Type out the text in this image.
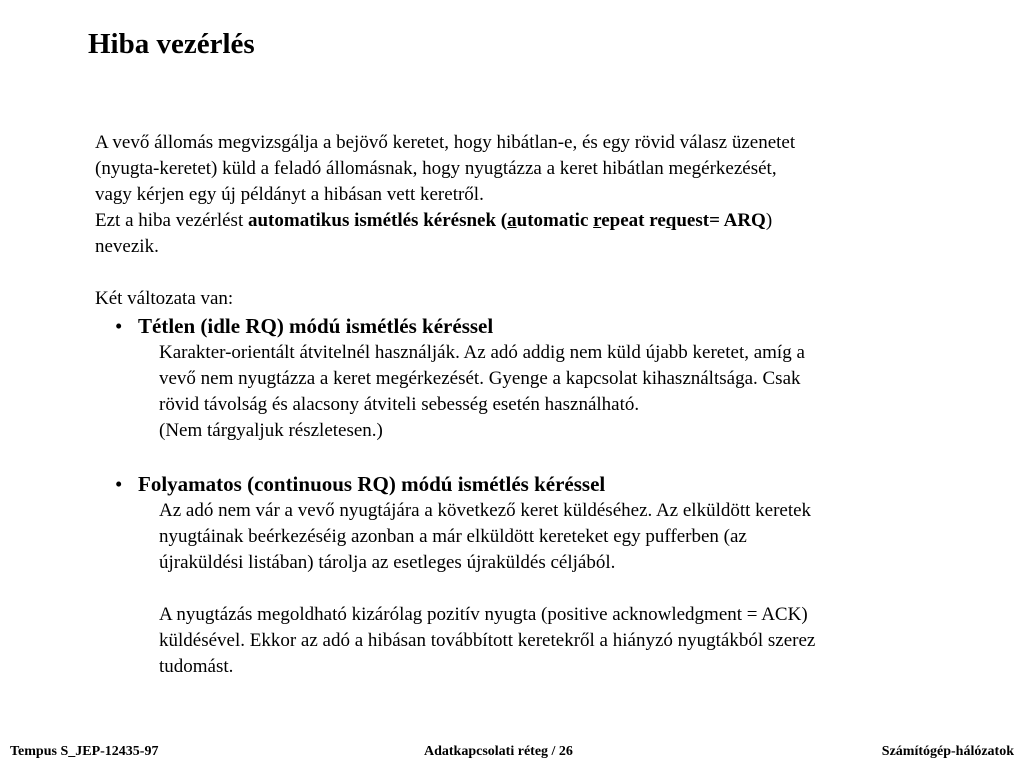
Hiba vezérlés

A vevő állomás megvizsgálja a bejövő keretet, hogy hibátlan-e, és egy rövid válasz üzenetet

(nyugta-keretet) küld a feladó állomásnak, hogy nyugtázza a keret hibátlan megérkezését,

vagy kérjen egy új példányt a hibásan vett keretről.

Ezt a hiba vezérlést automatikus ismétlés kérésnek (automatic repeat request= ARQ)

nevezik.

Két változata van:

• Tétlen (idle RQ) módú ismétlés kéréssel

Karakter-orientált átvitelnél használják. Az adó addig nem küld újabb keretet, amíg a

vevő nem nyugtázza a keret megérkezését. Gyenge a kapcsolat kihasználtsága. Csak

rövid távolság és alacsony átviteli sebesség esetén használható.

(Nem tárgyaljuk részletesen.)

• Folyamatos (continuous RQ) módú ismétlés kéréssel

Az adó nem vár a vevő nyugtájára a következő keret küldéséhez. Az elküldött keretek

nyugtáinak beérkezéséig azonban a már elküldött kereteket egy pufferben (az

újraküldési listában) tárolja az esetleges újraküldés céljából.

A nyugtázás megoldható kizárólag pozitív nyugta (positive acknowledgment = ACK)

küldésével. Ekkor az adó a hibásan továbbított keretekről a hiányzó nyugtákból szerez

tudomást.

Tempus S_JEP-12435-97	Adatkapcsolati réteg / 26	Számítógép-hálózatok
